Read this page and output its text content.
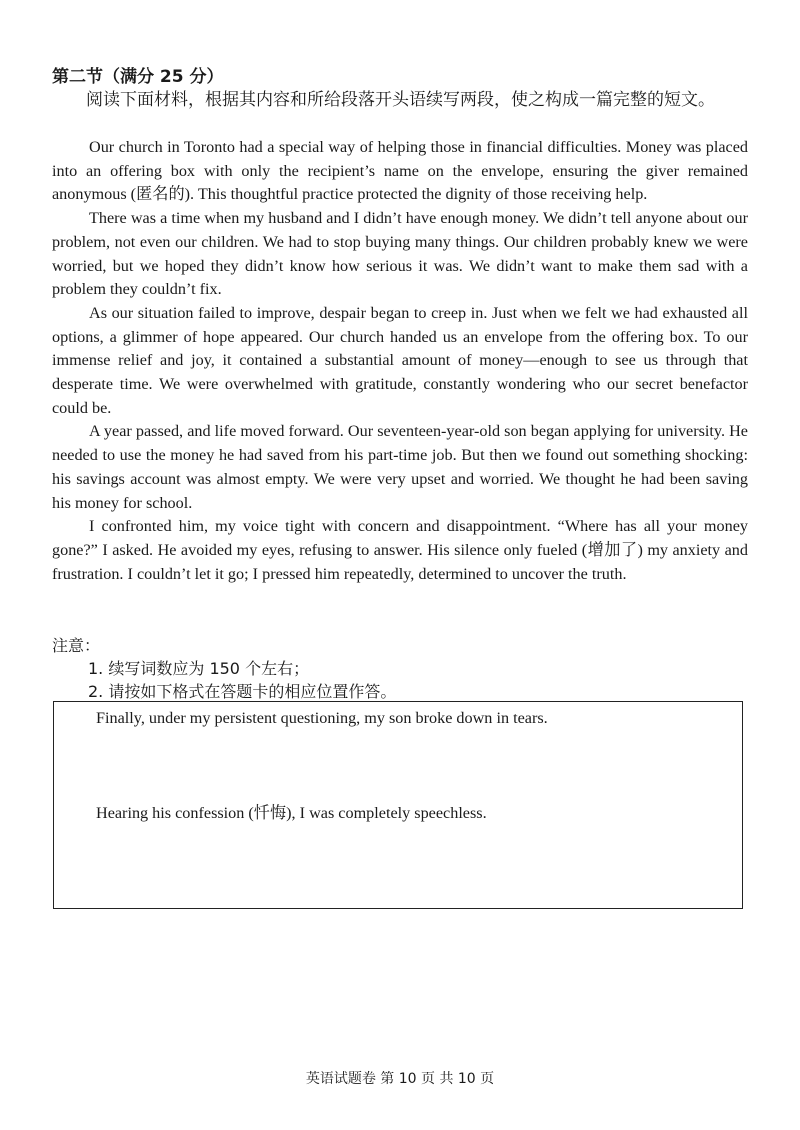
第二节（满分 25 分）
阅读下面材料，根据其内容和所给段落开头语续写两段，使之构成一篇完整的短文。

Our church in Toronto had a special way of helping those in financial difficulties. Money was placed into an offering box with only the recipient’s name on the envelope, ensuring the giver remained anonymous (匿名的). This thoughtful practice protected the dignity of those receiving help.

There was a time when my husband and I didn’t have enough money. We didn’t tell anyone about our problem, not even our children. We had to stop buying many things. Our children probably knew we were worried, but we hoped they didn’t know how serious it was. We didn’t want to make them sad with a problem they couldn’t fix.

As our situation failed to improve, despair began to creep in. Just when we felt we had exhausted all options, a glimmer of hope appeared. Our church handed us an envelope from the offering box. To our immense relief and joy, it contained a substantial amount of money—enough to see us through that desperate time. We were overwhelmed with gratitude, constantly wondering who our secret benefactor could be.

A year passed, and life moved forward. Our seventeen-year-old son began applying for university. He needed to use the money he had saved from his part-time job. But then we found out something shocking: his savings account was almost empty. We were very upset and worried. We thought he had been saving his money for school.

I confronted him, my voice tight with concern and disappointment. “Where has all your money gone?” I asked. He avoided my eyes, refusing to answer. His silence only fueled (增加了) my anxiety and frustration. I couldn’t let it go; I pressed him repeatedly, determined to uncover the truth.

注意：
1. 续写词数应为 150 个左右；
2. 请按如下格式在答题卡的相应位置作答。
Finally, under my persistent questioning, my son broke down in tears.
Hearing his confession (忏悔), I was completely speechless.
英语试题卷 第 10 页 共 10 页
